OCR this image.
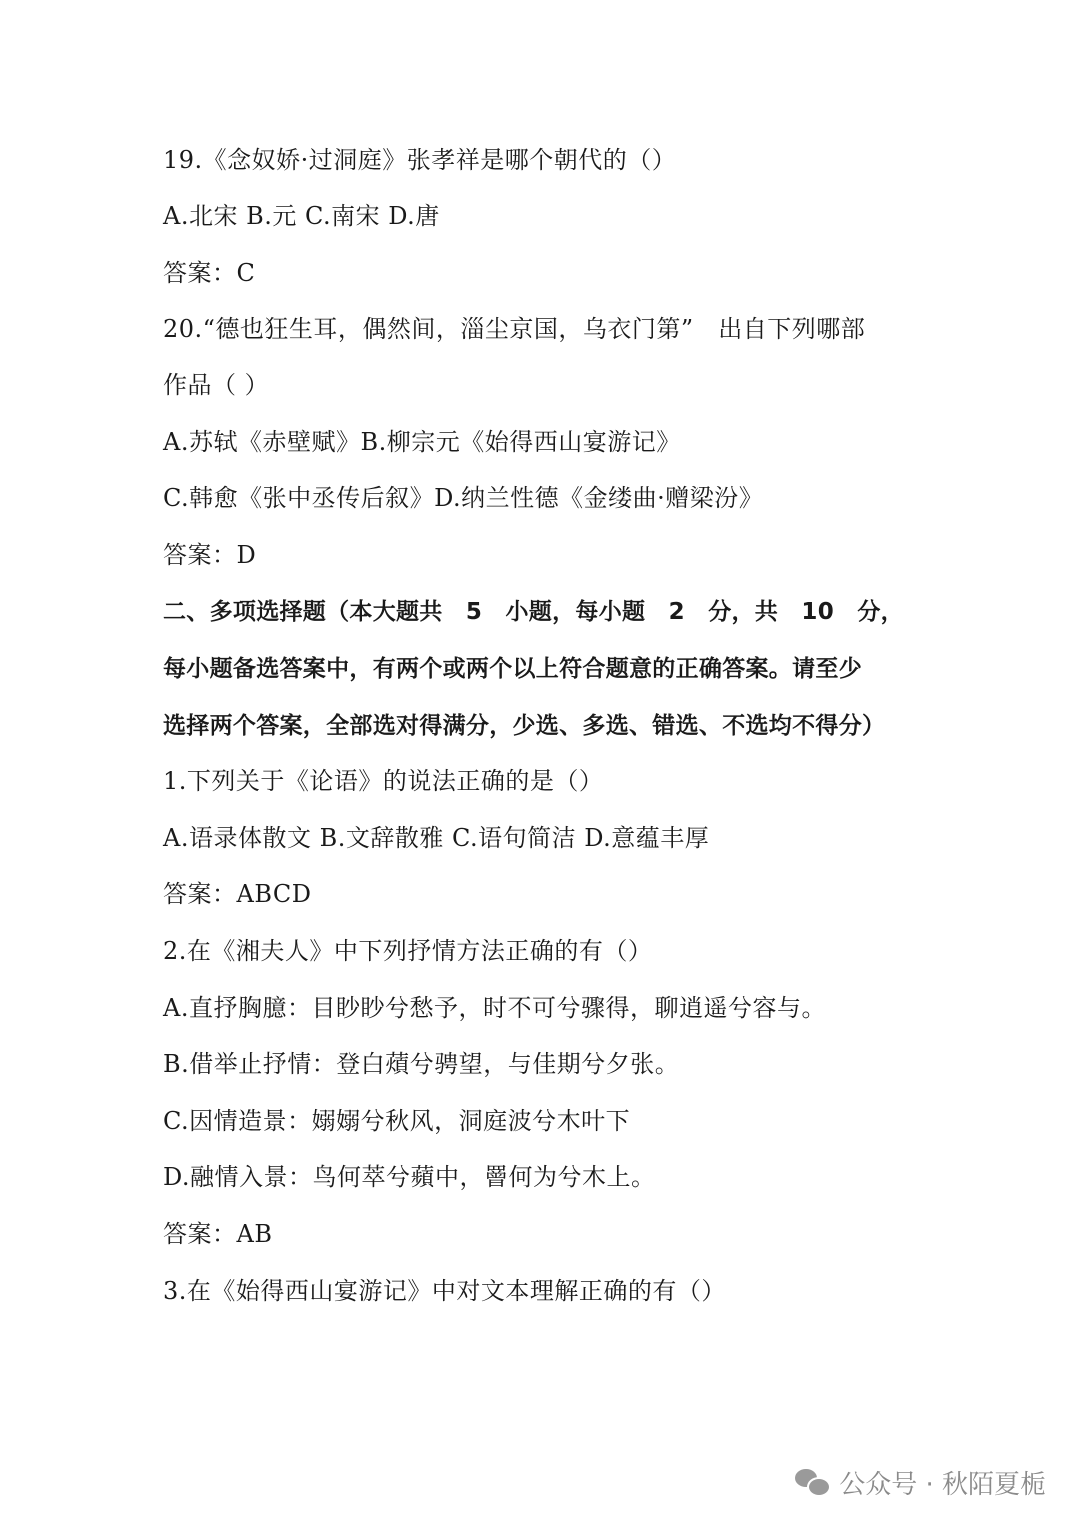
19.《念奴娇·过洞庭》张孝祥是哪个朝代的（）
A.北宋 B.元 C.南宋 D.唐
答案：C
20.“德也狂生耳，偶然间，淄尘京国，乌衣门第”　出自下列哪部
作品（ ）
A.苏轼《赤壁赋》B.柳宗元《始得西山宴游记》
C.韩愈《张中丞传后叙》D.纳兰性德《金缕曲·赠梁汾》
答案：D
二、多项选择题（本大题共　5　小题，每小题　2　分，共　10　分，
每小题备选答案中，有两个或两个以上符合题意的正确答案。请至少
选择两个答案，全部选对得满分，少选、多选、错选、不选均不得分）
1.下列关于《论语》的说法正确的是（）
A.语录体散文 B.文辞散雅 C.语句简洁 D.意蕴丰厚
答案：ABCD
2.在《湘夫人》中下列抒情方法正确的有（）
A.直抒胸臆：目眇眇兮愁予，时不可兮骤得，聊逍遥兮容与。
B.借举止抒情：登白薠兮骋望，与佳期兮夕张。
C.因情造景：嫋嫋兮秋风，洞庭波兮木叶下
D.融情入景：鸟何萃兮蘋中，罾何为兮木上。
答案：AB
3.在《始得西山宴游记》中对文本理解正确的有（）
公众号 · 秋陌夏栀
